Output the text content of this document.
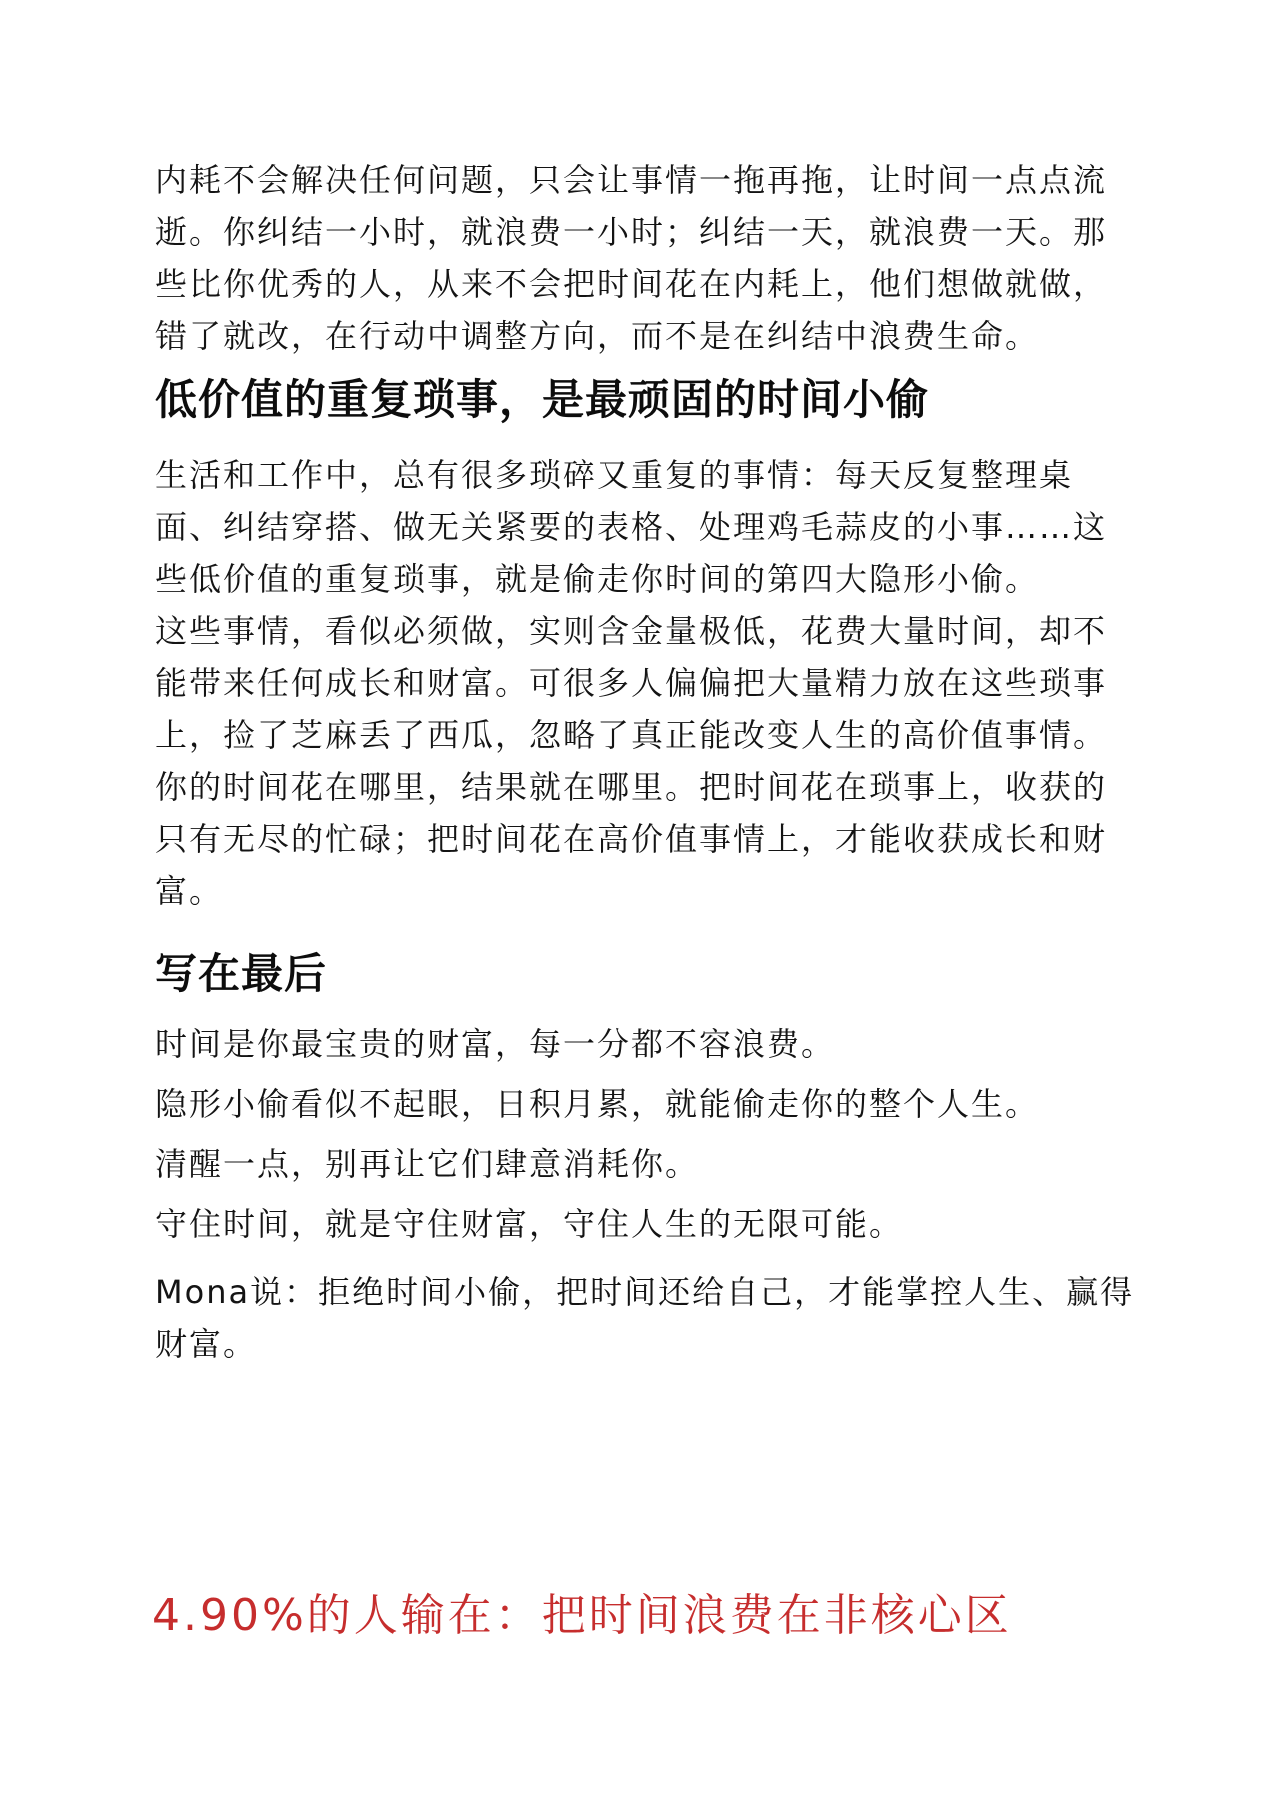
内耗不会解决任何问题，只会让事情一拖再拖，让时间一点点流逝。你纠结一小时，就浪费一小时；纠结一天，就浪费一天。那些比你优秀的人，从来不会把时间花在内耗上，他们想做就做，错了就改，在行动中调整方向，而不是在纠结中浪费生命。

低价值的重复琐事，是最顽固的时间小偷

生活和工作中，总有很多琐碎又重复的事情：每天反复整理桌面、纠结穿搭、做无关紧要的表格、处理鸡毛蒜皮的小事……这些低价值的重复琐事，就是偷走你时间的第四大隐形小偷。

这些事情，看似必须做，实则含金量极低，花费大量时间，却不能带来任何成长和财富。可很多人偏偏把大量精力放在这些琐事上，捡了芝麻丢了西瓜，忽略了真正能改变人生的高价值事情。

你的时间花在哪里，结果就在哪里。把时间花在琐事上，收获的只有无尽的忙碌；把时间花在高价值事情上，才能收获成长和财富。

写在最后

时间是你最宝贵的财富，每一分都不容浪费。

隐形小偷看似不起眼，日积月累，就能偷走你的整个人生。

清醒一点，别再让它们肆意消耗你。

守住时间，就是守住财富，守住人生的无限可能。

Mona说：拒绝时间小偷，把时间还给自己，才能掌控人生、赢得 财富。

4.90%的人输在：把时间浪费在非核心区
